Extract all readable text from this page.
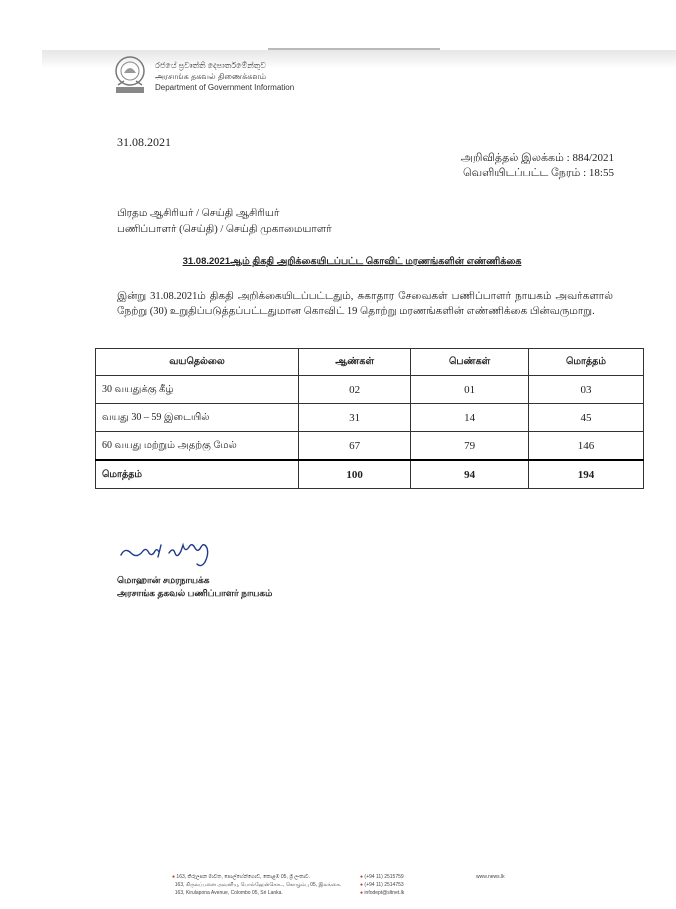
රජයේ ප්‍රවෘත්ති දෙපාර්තමේන්තුව
அரசாங்க தகவல் திணைக்களம்
Department of Government Information
31.08.2021
அறிவித்தல் இலக்கம் : 884/2021
வெளியிடப்பட்ட நேரம் : 18:55
பிரதம ஆசிரியர் / செய்தி ஆசிரியர்
பணிப்பாளர் (செய்தி) / செய்தி முகாமையாளர்
31.08.2021ஆம் திகதி அறிக்கையிடப்பட்ட கொவிட் மரணங்களின் எண்ணிக்கை
இன்று 31.08.2021ம் திகதி அறிக்கையிடப்பட்டதும், சுகாதார சேவைகள் பணிப்பாளர் நாயகம் அவர்களால் நேற்று (30) உறுதிப்படுத்தப்பட்டதுமான கொவிட் 19 தொற்று மரணங்களின் எண்ணிக்கை பின்வருமாறு.
வயதெல்லை	ஆண்கள்	பெண்கள்	மொத்தம்
30 வயதுக்கு கீழ்	02	01	03
வயது 30 – 59 இடையில்	31	14	45
60 வயது மற்றும் அதற்கு மேல்	67	79	146
மொத்தம்	100	94	194
மொஹான் சமரநாயக்க
அரசாங்க தகவல் பணிப்பாளர் நாயகம்
● 163, කිරුලපන මාවත, පොල්හේන්ගොඩ, කොළඹ 05, ශ්‍රී ලංකාව.
163, கிருலப்பனை அவனியு, பொல்ஹேன்கொட, கொழும்பு 05, இலங்கை.
163, Kirulapona Avenue, Colombo 05, Sri Lanka.
● (+94 11) 2515759
● (+94 11) 2514753
● infodept@sltnet.lk
www.news.lk
